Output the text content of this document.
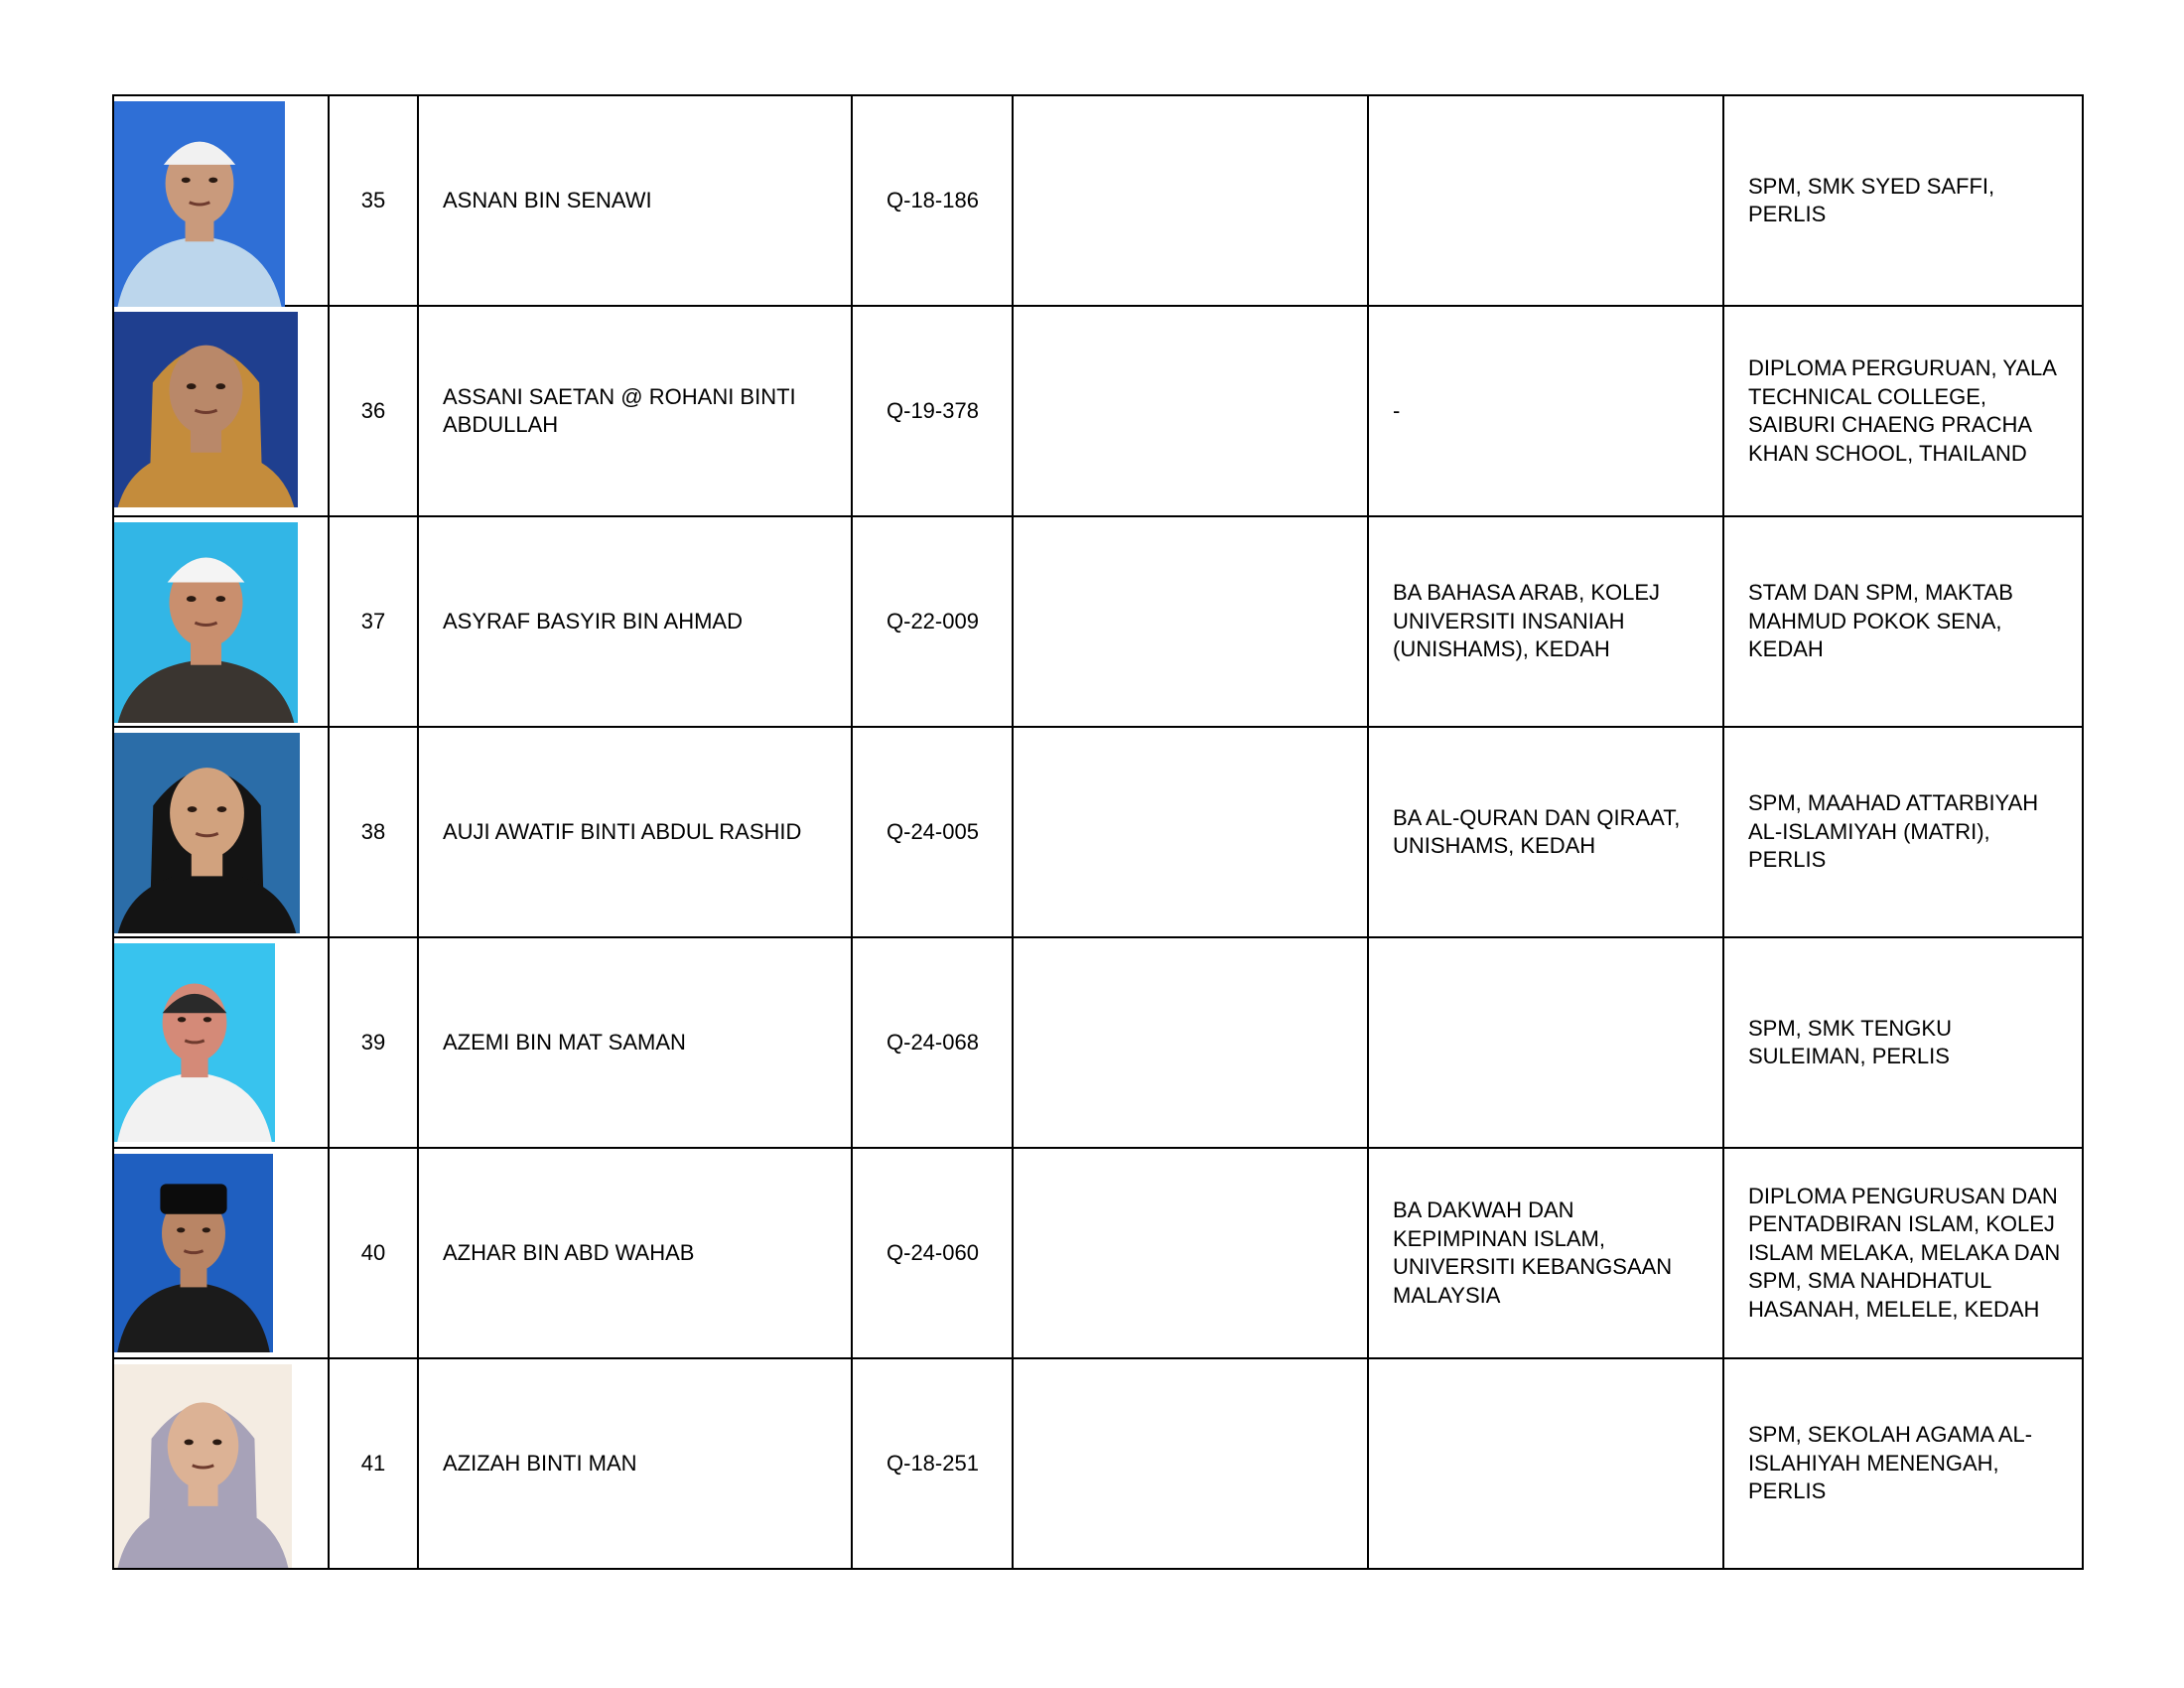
	35	ASNAN BIN SENAWI	Q-18-186			SPM, SMK SYED SAFFI, PERLIS

	36	ASSANI SAETAN @ ROHANI BINTI ABDULLAH	Q-19-378		-	DIPLOMA PERGURUAN, YALA TECHNICAL COLLEGE, SAIBURI CHAENG PRACHA KHAN SCHOOL, THAILAND

	37	ASYRAF BASYIR BIN AHMAD	Q-22-009		BA BAHASA ARAB, KOLEJ UNIVERSITI INSANIAH (UNISHAMS), KEDAH	STAM DAN SPM, MAKTAB MAHMUD POKOK SENA, KEDAH

	38	AUJI AWATIF BINTI ABDUL RASHID	Q-24-005		BA AL-QURAN DAN QIRAAT, UNISHAMS, KEDAH	SPM, MAAHAD ATTARBIYAH AL-ISLAMIYAH (MATRI), PERLIS

	39	AZEMI BIN MAT SAMAN	Q-24-068			SPM, SMK TENGKU SULEIMAN, PERLIS

	40	AZHAR BIN ABD WAHAB	Q-24-060		BA DAKWAH DAN KEPIMPINAN ISLAM, UNIVERSITI KEBANGSAAN MALAYSIA	DIPLOMA PENGURUSAN DAN PENTADBIRAN ISLAM, KOLEJ ISLAM MELAKA, MELAKA DAN SPM, SMA NAHDHATUL HASANAH, MELELE, KEDAH

	41	AZIZAH BINTI MAN	Q-18-251			SPM, SEKOLAH AGAMA AL-ISLAHIYAH MENENGAH, PERLIS
